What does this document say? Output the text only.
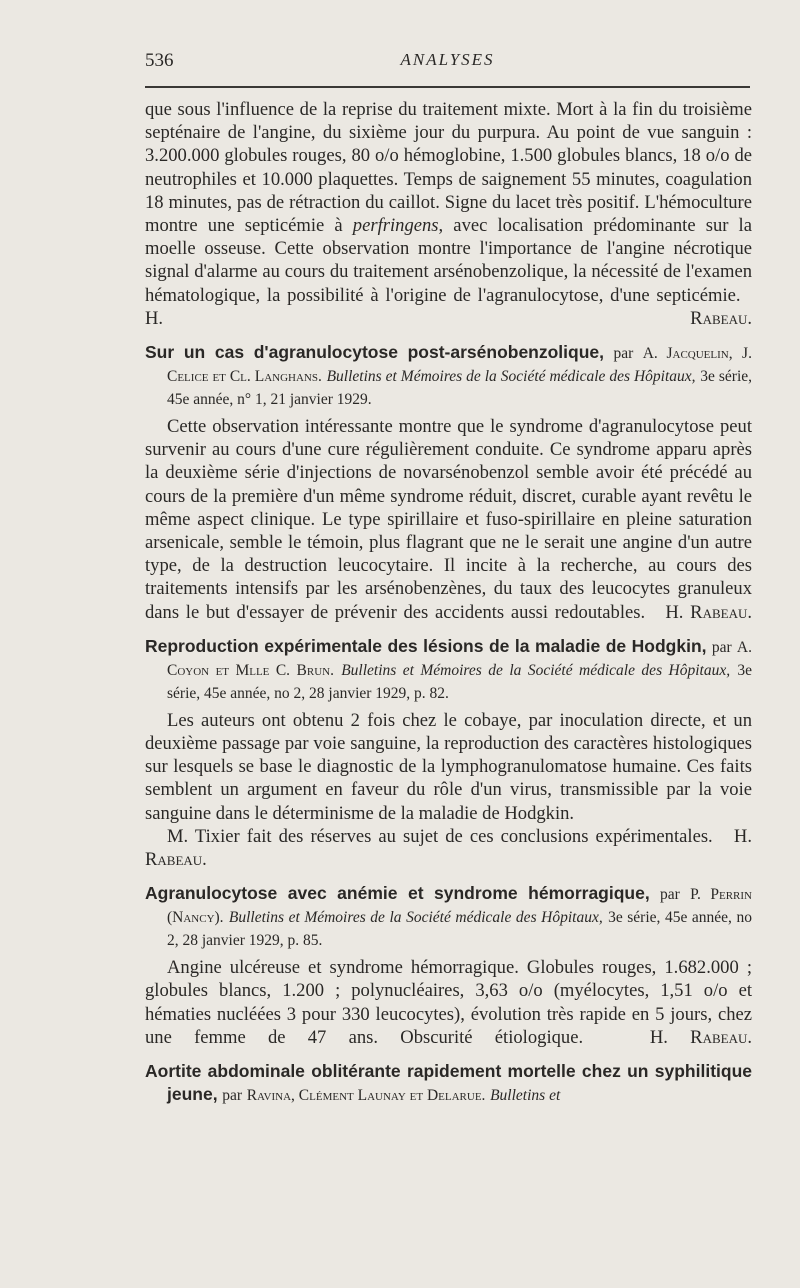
536	ANALYSES

que sous l'influence de la reprise du traitement mixte. Mort à la fin du troisième septénaire de l'angine, du sixième jour du purpura. Au point de vue sanguin : 3.200.000 globules rouges, 80 o/o hémoglobine, 1.500 globules blancs, 18 o/o de neutrophiles et 10.000 plaquettes. Temps de saignement 55 minutes, coagulation 18 minutes, pas de rétraction du caillot. Signe du lacet très positif. L'hémoculture montre une septicémie à perfringens, avec localisation prédominante sur la moelle osseuse. Cette observation montre l'importance de l'angine nécrotique signal d'alarme au cours du traitement arsénobenzolique, la nécessité de l'examen hématologique, la possibilité à l'origine de l'agranulocytose, d'une septicémie.   H. Rabeau.

Sur un cas d'agranulocytose post-arsénobenzolique, par A. Jacquelin, J. Celice et Cl. Langhans. Bulletins et Mémoires de la Société médicale des Hôpitaux, 3e série, 45e année, n° 1, 21 janvier 1929.

Cette observation intéressante montre que le syndrome d'agranulocytose peut survenir au cours d'une cure régulièrement conduite. Ce syndrome apparu après la deuxième série d'injections de novarsénobenzol semble avoir été précédé au cours de la première d'un même syndrome réduit, discret, curable ayant revêtu le même aspect clinique. Le type spirillaire et fuso-spirillaire en pleine saturation arsenicale, semble le témoin, plus flagrant que ne le serait une angine d'un autre type, de la destruction leucocytaire. Il incite à la recherche, au cours des traitements intensifs par les arsénobenzènes, du taux des leucocytes granuleux dans le but d'essayer de prévenir des accidents aussi redoutables. H. Rabeau.

Reproduction expérimentale des lésions de la maladie de Hodgkin, par A. Coyon et Mlle C. Brun. Bulletins et Mémoires de la Société médicale des Hôpitaux, 3e série, 45e année, no 2, 28 janvier 1929, p. 82.

Les auteurs ont obtenu 2 fois chez le cobaye, par inoculation directe, et un deuxième passage par voie sanguine, la reproduction des caractères histologiques sur lesquels se base le diagnostic de la lymphogranulomatose humaine. Ces faits semblent un argument en faveur du rôle d'un virus, transmissible par la voie sanguine dans le déterminisme de la maladie de Hodgkin.

M. Tixier fait des réserves au sujet de ces conclusions expérimentales. H. Rabeau.

Agranulocytose avec anémie et syndrome hémorragique, par P. Perrin (Nancy). Bulletins et Mémoires de la Société médicale des Hôpitaux, 3e série, 45e année, no 2, 28 janvier 1929, p. 85.

Angine ulcéreuse et syndrome hémorragique. Globules rouges, 1.682.000 ; globules blancs, 1.200 ; polynucléaires, 3,63 o/o (myélocytes, 1,51 o/o et hématies nucléées 3 pour 330 leucocytes), évolution très rapide en 5 jours, chez une femme de 47 ans. Obscurité étiologique.	H. Rabeau.

Aortite abdominale oblitérante rapidement mortelle chez un syphilitique jeune, par Ravina, Clément Launay et Delarue. Bulletins et
